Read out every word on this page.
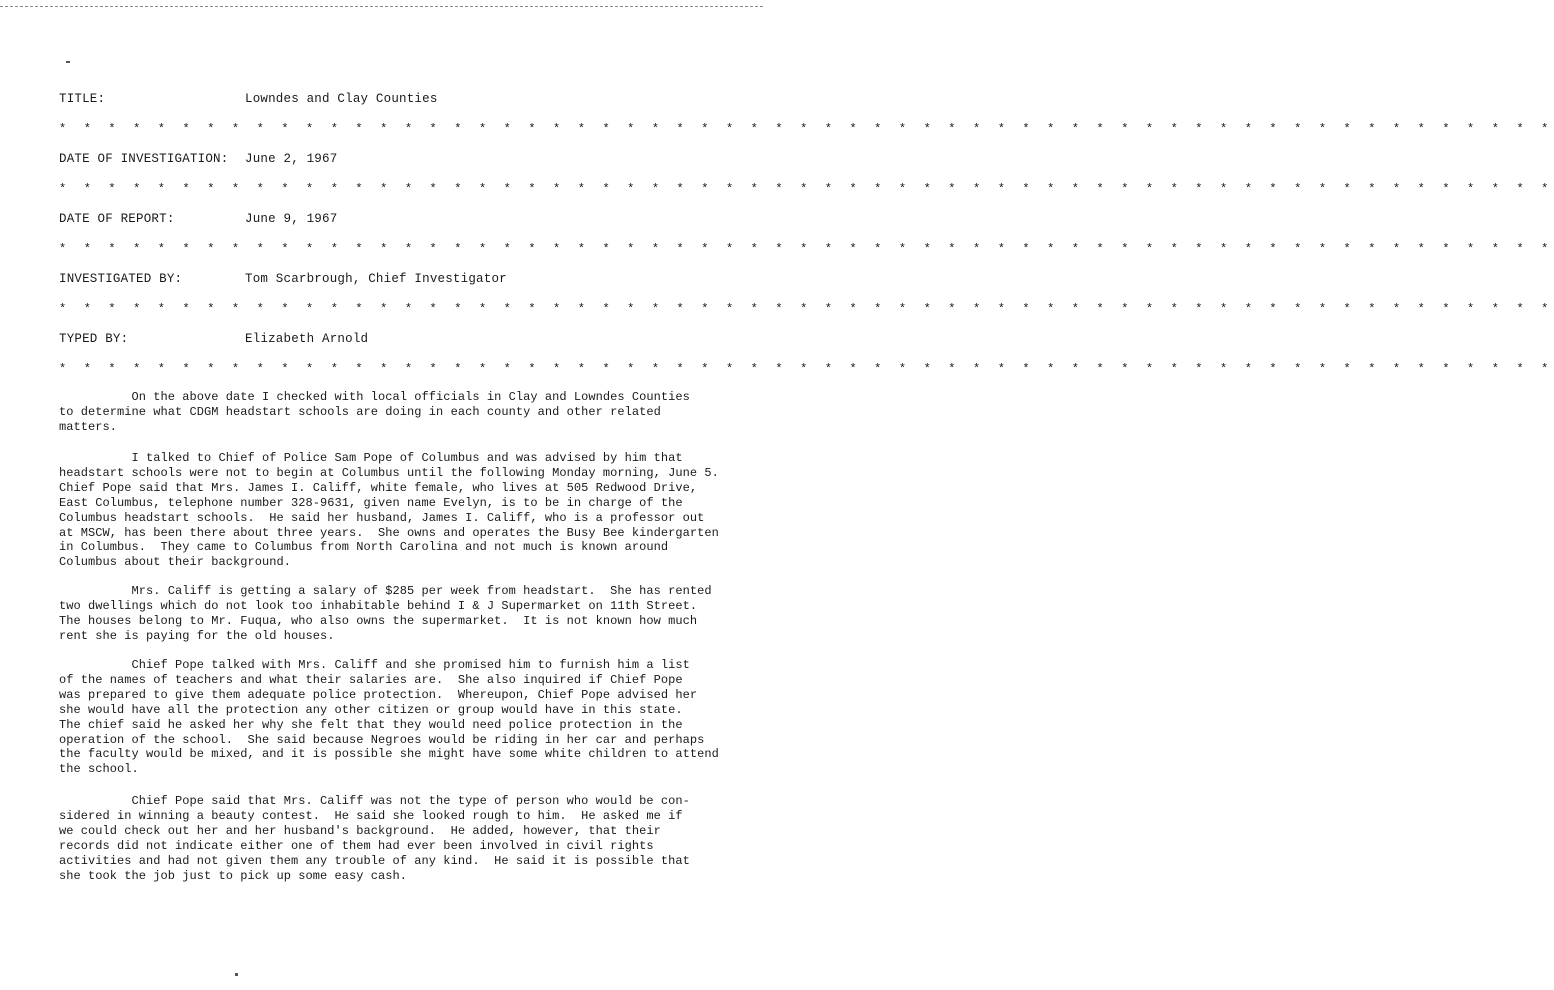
TITLE:	Lowndes and Clay Counties
* * * * * * * * * * * * * * * * * * * * * * * * * * * * * * * * * * * * * * * * * * * * * * * * * * * * * * * * * * * * *
DATE OF INVESTIGATION: June 2, 1967
* * * * * * * * * * * * * * * * * * * * * * * * * * * * * * * * * * * * * * * * * * * * * * * * * * * * * * * * * * * * *
DATE OF REPORT:	June 9, 1967
* * * * * * * * * * * * * * * * * * * * * * * * * * * * * * * * * * * * * * * * * * * * * * * * * * * * * * * * * * * * *
INVESTIGATED BY:	Tom Scarbrough, Chief Investigator
* * * * * * * * * * * * * * * * * * * * * * * * * * * * * * * * * * * * * * * * * * * * * * * * * * * * * * * * * * * * *
TYPED BY:	Elizabeth Arnold
* * * * * * * * * * * * * * * * * * * * * * * * * * * * * * * * * * * * * * * * * * * * * * * * * * * * * * * * * * * * *
On the above date I checked with local officials in Clay and Lowndes Counties
to determine what CDGM headstart schools are doing in each county and other related
matters.
I talked to Chief of Police Sam Pope of Columbus and was advised by him that
headstart schools were not to begin at Columbus until the following Monday morning, June 5.
Chief Pope said that Mrs. James I. Califf, white female, who lives at 505 Redwood Drive,
East Columbus, telephone number 328-9631, given name Evelyn, is to be in charge of the
Columbus headstart schools.  He said her husband, James I. Califf, who is a professor out
at MSCW, has been there about three years.  She owns and operates the Busy Bee kindergarten
in Columbus.  They came to Columbus from North Carolina and not much is known around
Columbus about their background.
Mrs. Califf is getting a salary of $285 per week from headstart.  She has rented
two dwellings which do not look too inhabitable behind I & J Supermarket on 11th Street.
The houses belong to Mr. Fuqua, who also owns the supermarket.  It is not known how much
rent she is paying for the old houses.
Chief Pope talked with Mrs. Califf and she promised him to furnish him a list
of the names of teachers and what their salaries are.  She also inquired if Chief Pope
was prepared to give them adequate police protection.  Whereupon, Chief Pope advised her
she would have all the protection any other citizen or group would have in this state.
The chief said he asked her why she felt that they would need police protection in the
operation of the school.  She said because Negroes would be riding in her car and perhaps
the faculty would be mixed, and it is possible she might have some white children to attend
the school.
Chief Pope said that Mrs. Califf was not the type of person who would be con-
sidered in winning a beauty contest.  He said she looked rough to him.  He asked me if
we could check out her and her husband's background.  He added, however, that their
records did not indicate either one of them had ever been involved in civil rights
activities and had not given them any trouble of any kind.  He said it is possible that
she took the job just to pick up some easy cash.
